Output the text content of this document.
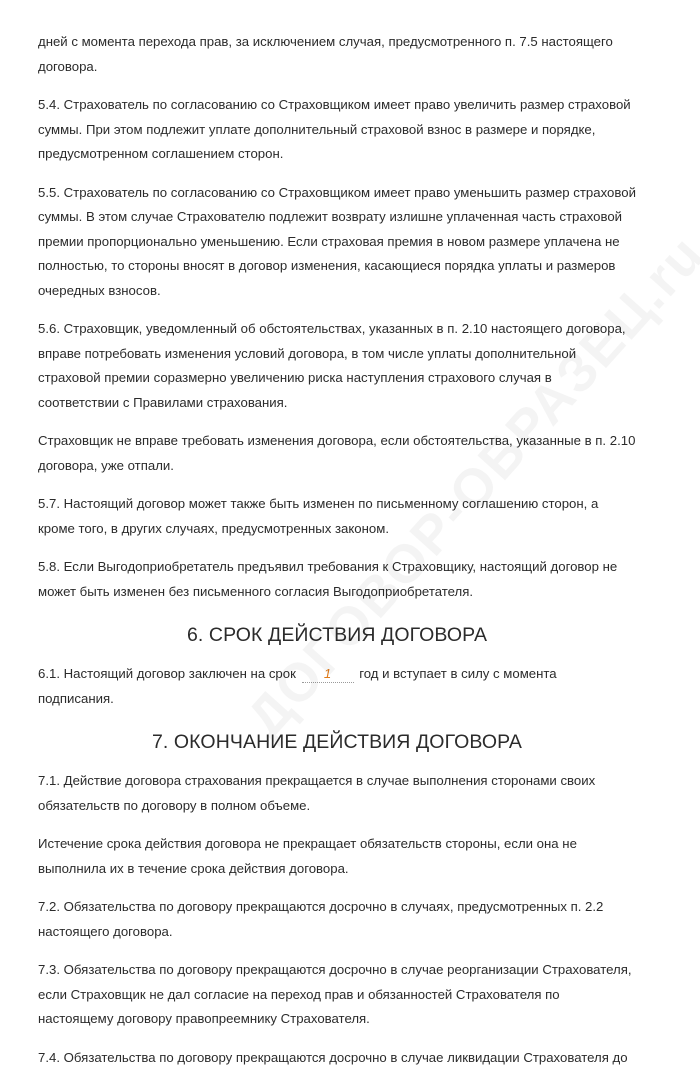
дней с момента перехода прав, за исключением случая, предусмотренного п. 7.5 настоящего договора.

5.4. Страхователь по согласованию со Страховщиком имеет право увеличить размер страховой суммы. При этом подлежит уплате дополнительный страховой взнос в размере и порядке, предусмотренном соглашением сторон.

5.5. Страхователь по согласованию со Страховщиком имеет право уменьшить размер страховой суммы. В этом случае Страхователю подлежит возврату излишне уплаченная часть страховой премии пропорционально уменьшению. Если страховая премия в новом размере уплачена не полностью, то стороны вносят в договор изменения, касающиеся порядка уплаты и размеров очередных взносов.

5.6. Страховщик, уведомленный об обстоятельствах, указанных в п. 2.10 настоящего договора, вправе потребовать изменения условий договора, в том числе уплаты дополнительной страховой премии соразмерно увеличению риска наступления страхового случая в соответствии с Правилами страхования.

Страховщик не вправе требовать изменения договора, если обстоятельства, указанные в п. 2.10 договора, уже отпали.

5.7. Настоящий договор может также быть изменен по письменному соглашению сторон, а кроме того, в других случаях, предусмотренных законом.

5.8. Если Выгодоприобретатель предъявил требования к Страховщику, настоящий договор не может быть изменен без письменного согласия Выгодоприобретателя.

6. СРОК ДЕЙСТВИЯ ДОГОВОРА

6.1. Настоящий договор заключен на срок 1 год и вступает в силу с момента подписания.

7. ОКОНЧАНИЕ ДЕЙСТВИЯ ДОГОВОРА

7.1. Действие договора страхования прекращается в случае выполнения сторонами своих обязательств по договору в полном объеме.

Истечение срока действия договора не прекращает обязательств стороны, если она не выполнила их в течение срока действия договора.

7.2. Обязательства по договору прекращаются досрочно в случаях, предусмотренных п. 2.2 настоящего договора.

7.3. Обязательства по договору прекращаются досрочно в случае реорганизации Страхователя, если Страховщик не дал согласие на переход прав и обязанностей Страхователя по настоящему договору правопреемнику Страхователя.

7.4. Обязательства по договору прекращаются досрочно в случае ликвидации Страхователя до
